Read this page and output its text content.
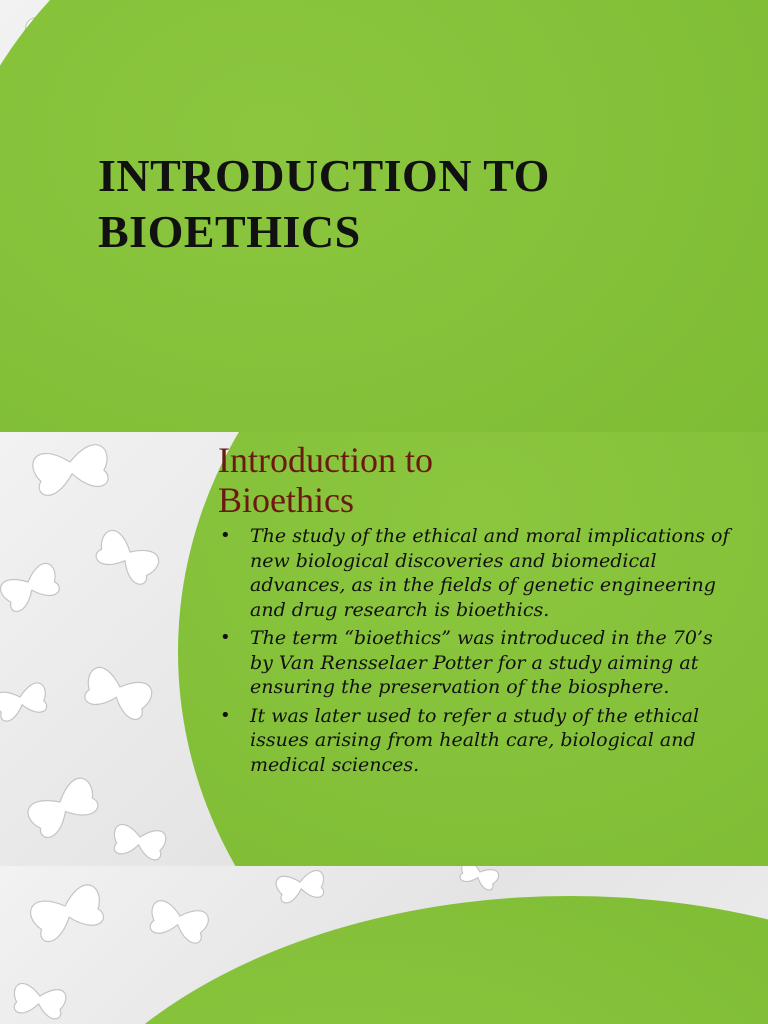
INTRODUCTION TO
BIOETHICS
Introduction to
Bioethics
• The study of the ethical and moral implications of new biological discoveries and biomedical advances, as in the fields of genetic engineering and drug research is bioethics.
• The term “bioethics” was introduced in the 70’s by Van Rensselaer Potter for a study aiming at ensuring the preservation of the biosphere.
• It was later used to refer a study of the ethical issues arising from health care, biological and medical sciences.
